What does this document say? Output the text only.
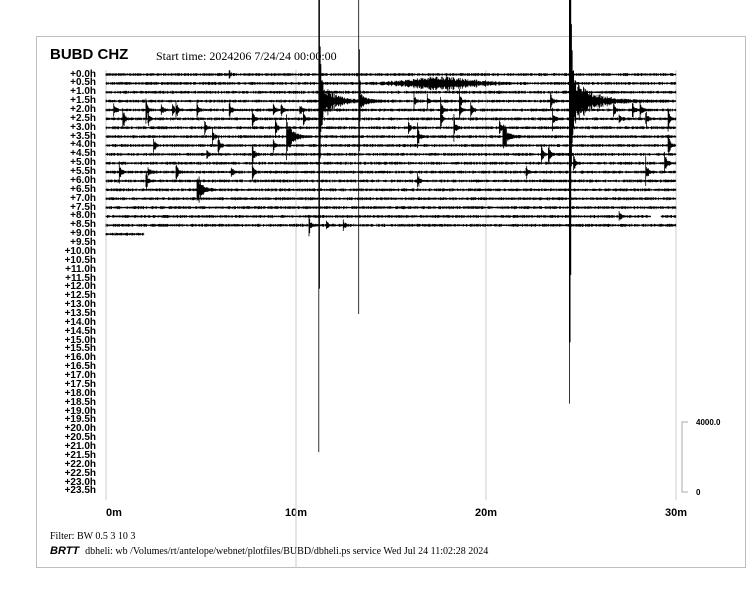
BUBD CHZ Start time: 2024206 7/24/24 00:00:00
+0.0h
+0.5h
+1.0h
+1.5h
+2.0h
+2.5h
+3.0h
+3.5h
+4.0h
+4.5h
+5.0h
+5.5h
+6.0h
+6.5h
+7.0h
+7.5h
+8.0h
+8.5h
+9.0h
+9.5h
+10.0h
+10.5h
+11.0h
+11.5h
+12.0h
+12.5h
+13.0h
+13.5h
+14.0h
+14.5h
+15.0h
+15.5h
+16.0h
+16.5h
+17.0h
+17.5h
+18.0h
+18.5h
+19.0h
+19.5h
+20.0h
+20.5h
+21.0h
+21.5h
+22.0h
+22.5h
+23.0h
+23.5h
0m	10m	20m	30m
4000.0
0
Filter: BW 0.5 3 10 3
BRTT dbheli: wb /Volumes/rt/antelope/webnet/plotfiles/BUBD/dbheli.ps service Wed Jul 24 11:02:28 2024
